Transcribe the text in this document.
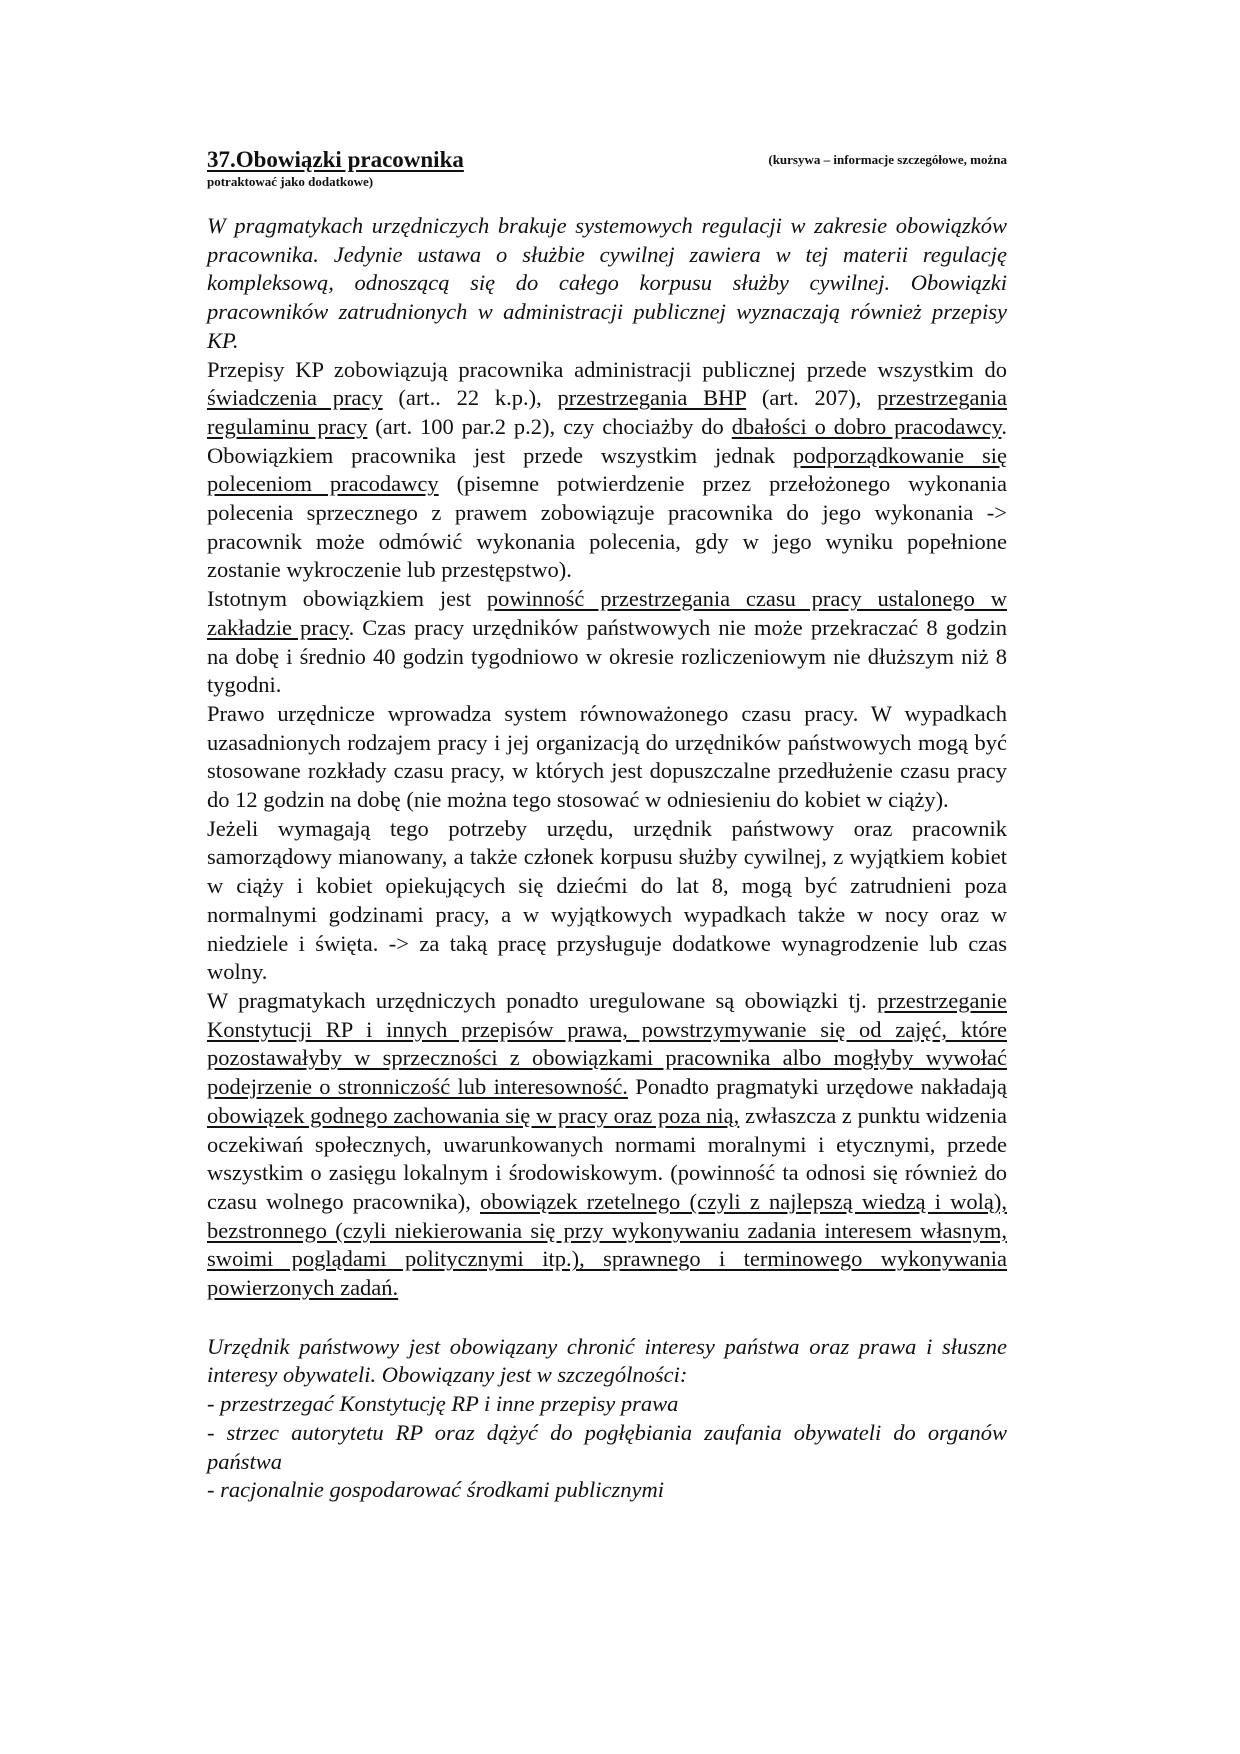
37.Obowiązki pracownika	(kursywa – informacje szczegółowe, można
potraktować jako dodatkowe)

W pragmatykach urzędniczych brakuje systemowych regulacji w zakresie obowiązków pracownika. Jedynie ustawa o służbie cywilnej zawiera w tej materii regulację kompleksową, odnoszącą się do całego korpusu służby cywilnej. Obowiązki pracowników zatrudnionych w administracji publicznej wyznaczają również przepisy KP.

Przepisy KP zobowiązują pracownika administracji publicznej przede wszystkim do świadczenia pracy (art.. 22 k.p.), przestrzegania BHP (art. 207), przestrzegania regulaminu pracy (art. 100 par.2 p.2), czy chociażby do dbałości o dobro pracodawcy. Obowiązkiem pracownika jest przede wszystkim jednak podporządkowanie się poleceniom pracodawcy (pisemne potwierdzenie przez przełożonego wykonania polecenia sprzecznego z prawem zobowiązuje pracownika do jego wykonania -> pracownik może odmówić wykonania polecenia, gdy w jego wyniku popełnione zostanie wykroczenie lub przestępstwo).

Istotnym obowiązkiem jest powinność przestrzegania czasu pracy ustalonego w zakładzie pracy. Czas pracy urzędników państwowych nie może przekraczać 8 godzin na dobę i średnio 40 godzin tygodniowo w okresie rozliczeniowym nie dłuższym niż 8 tygodni.

Prawo urzędnicze wprowadza system równoważonego czasu pracy. W wypadkach uzasadnionych rodzajem pracy i jej organizacją do urzędników państwowych mogą być stosowane rozkłady czasu pracy, w których jest dopuszczalne przedłużenie czasu pracy do 12 godzin na dobę (nie można tego stosować w odniesieniu do kobiet w ciąży).

Jeżeli wymagają tego potrzeby urzędu, urzędnik państwowy oraz pracownik samorządowy mianowany, a także członek korpusu służby cywilnej, z wyjątkiem kobiet w ciąży i kobiet opiekujących się dziećmi do lat 8, mogą być zatrudnieni poza normalnymi godzinami pracy, a w wyjątkowych wypadkach także w nocy oraz w niedziele i święta. -> za taką pracę przysługuje dodatkowe wynagrodzenie lub czas wolny.

W pragmatykach urzędniczych ponadto uregulowane są obowiązki tj. przestrzeganie Konstytucji RP i innych przepisów prawa, powstrzymywanie się od zajęć, które pozostawałyby w sprzeczności z obowiązkami pracownika albo mogłyby wywołać podejrzenie o stronniczość lub interesowność. Ponadto pragmatyki urzędowe nakładają obowiązek godnego zachowania się w pracy oraz poza nią, zwłaszcza z punktu widzenia oczekiwań społecznych, uwarunkowanych normami moralnymi i etycznymi, przede wszystkim o zasięgu lokalnym i środowiskowym. (powinność ta odnosi się również do czasu wolnego pracownika), obowiązek rzetelnego (czyli z najlepszą wiedzą i wolą), bezstronnego (czyli niekierowania się przy wykonywaniu zadania interesem własnym, swoimi poglądami politycznymi itp.), sprawnego i terminowego wykonywania powierzonych zadań.

Urzędnik państwowy jest obowiązany chronić interesy państwa oraz prawa i słuszne interesy obywateli. Obowiązany jest w szczególności:
- przestrzegać Konstytucję RP i inne przepisy prawa
- strzec autorytetu RP oraz dążyć do pogłębiania zaufania obywateli do organów państwa
- racjonalnie gospodarować środkami publicznymi
